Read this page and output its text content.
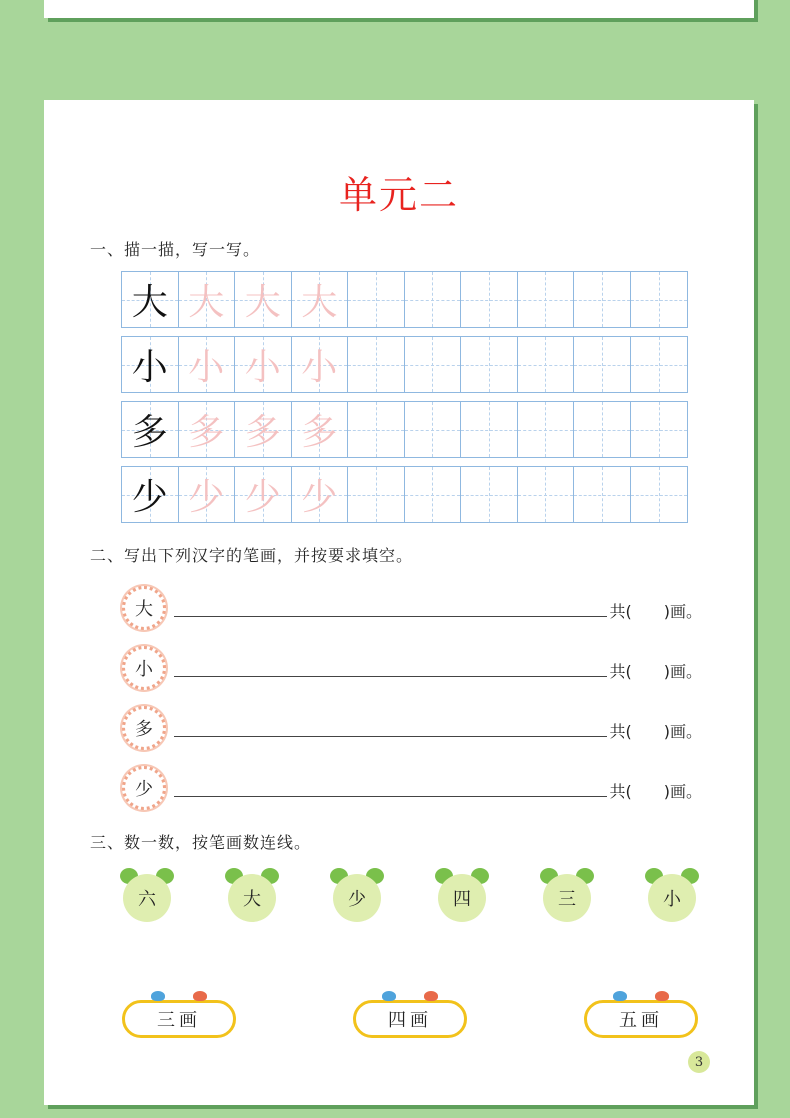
单元二
一、描一描，写一写。
大 大 大 大
小 小 小 小
多 多 多 多
少 少 少 少
二、写出下列汉字的笔画，并按要求填空。
大	共(　　)画。
小	共(　　)画。
多	共(　　)画。
少	共(　　)画。
三、数一数，按笔画数连线。
六	大	少	四	三	小
三画	四画	五画
3
